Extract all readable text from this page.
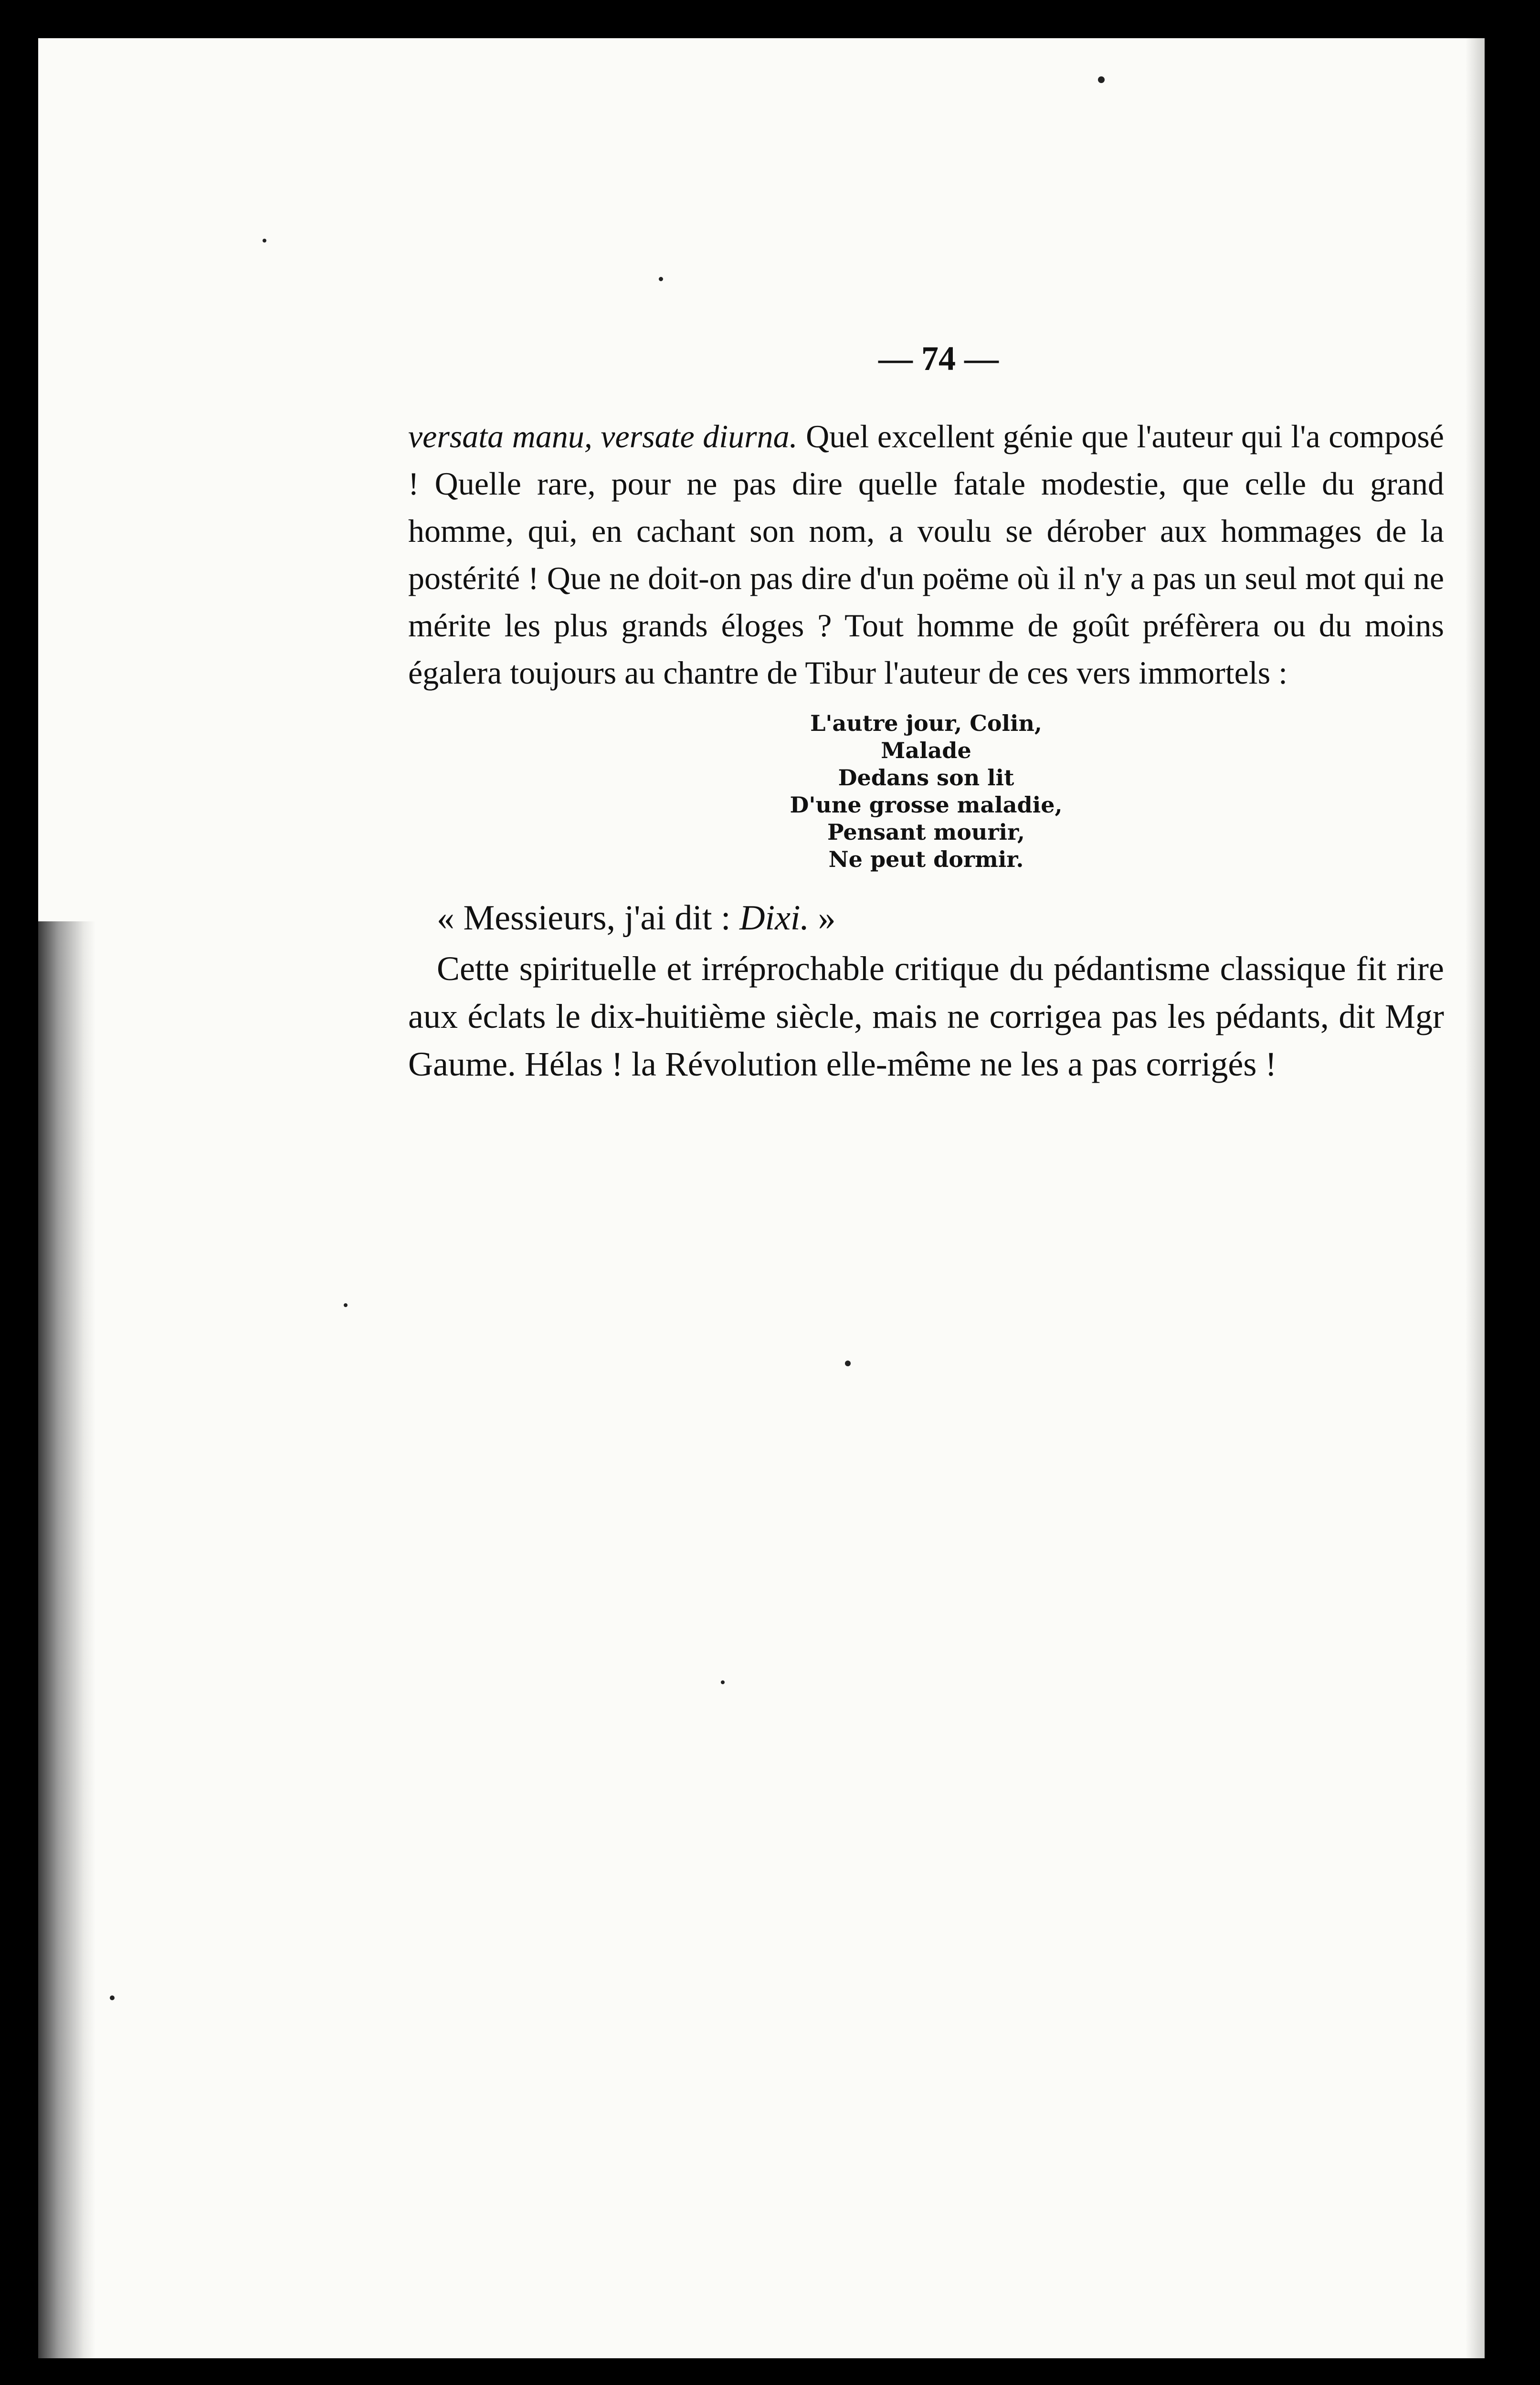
— 74 —

versata manu, versate diurna. Quel excellent génie que l'auteur qui l'a composé ! Quelle rare, pour ne pas dire quelle fatale modestie, que celle du grand homme, qui, en cachant son nom, a voulu se dérober aux hommages de la postérité ! Que ne doit-on pas dire d'un poëme où il n'y a pas un seul mot qui ne mérite les plus grands éloges ? Tout homme de goût préfèrera ou du moins égalera toujours au chantre de Tibur l'auteur de ces vers immortels :

L'autre jour, Colin,
Malade
Dedans son lit
D'une grosse maladie,
Pensant mourir,
Ne peut dormir.

« Messieurs, j'ai dit : Dixi. »

Cette spirituelle et irréprochable critique du pédantisme classique fit rire aux éclats le dix-huitième siècle, mais ne corrigea pas les pédants, dit Mgr Gaume. Hélas ! la Révolution elle-même ne les a pas corrigés !
